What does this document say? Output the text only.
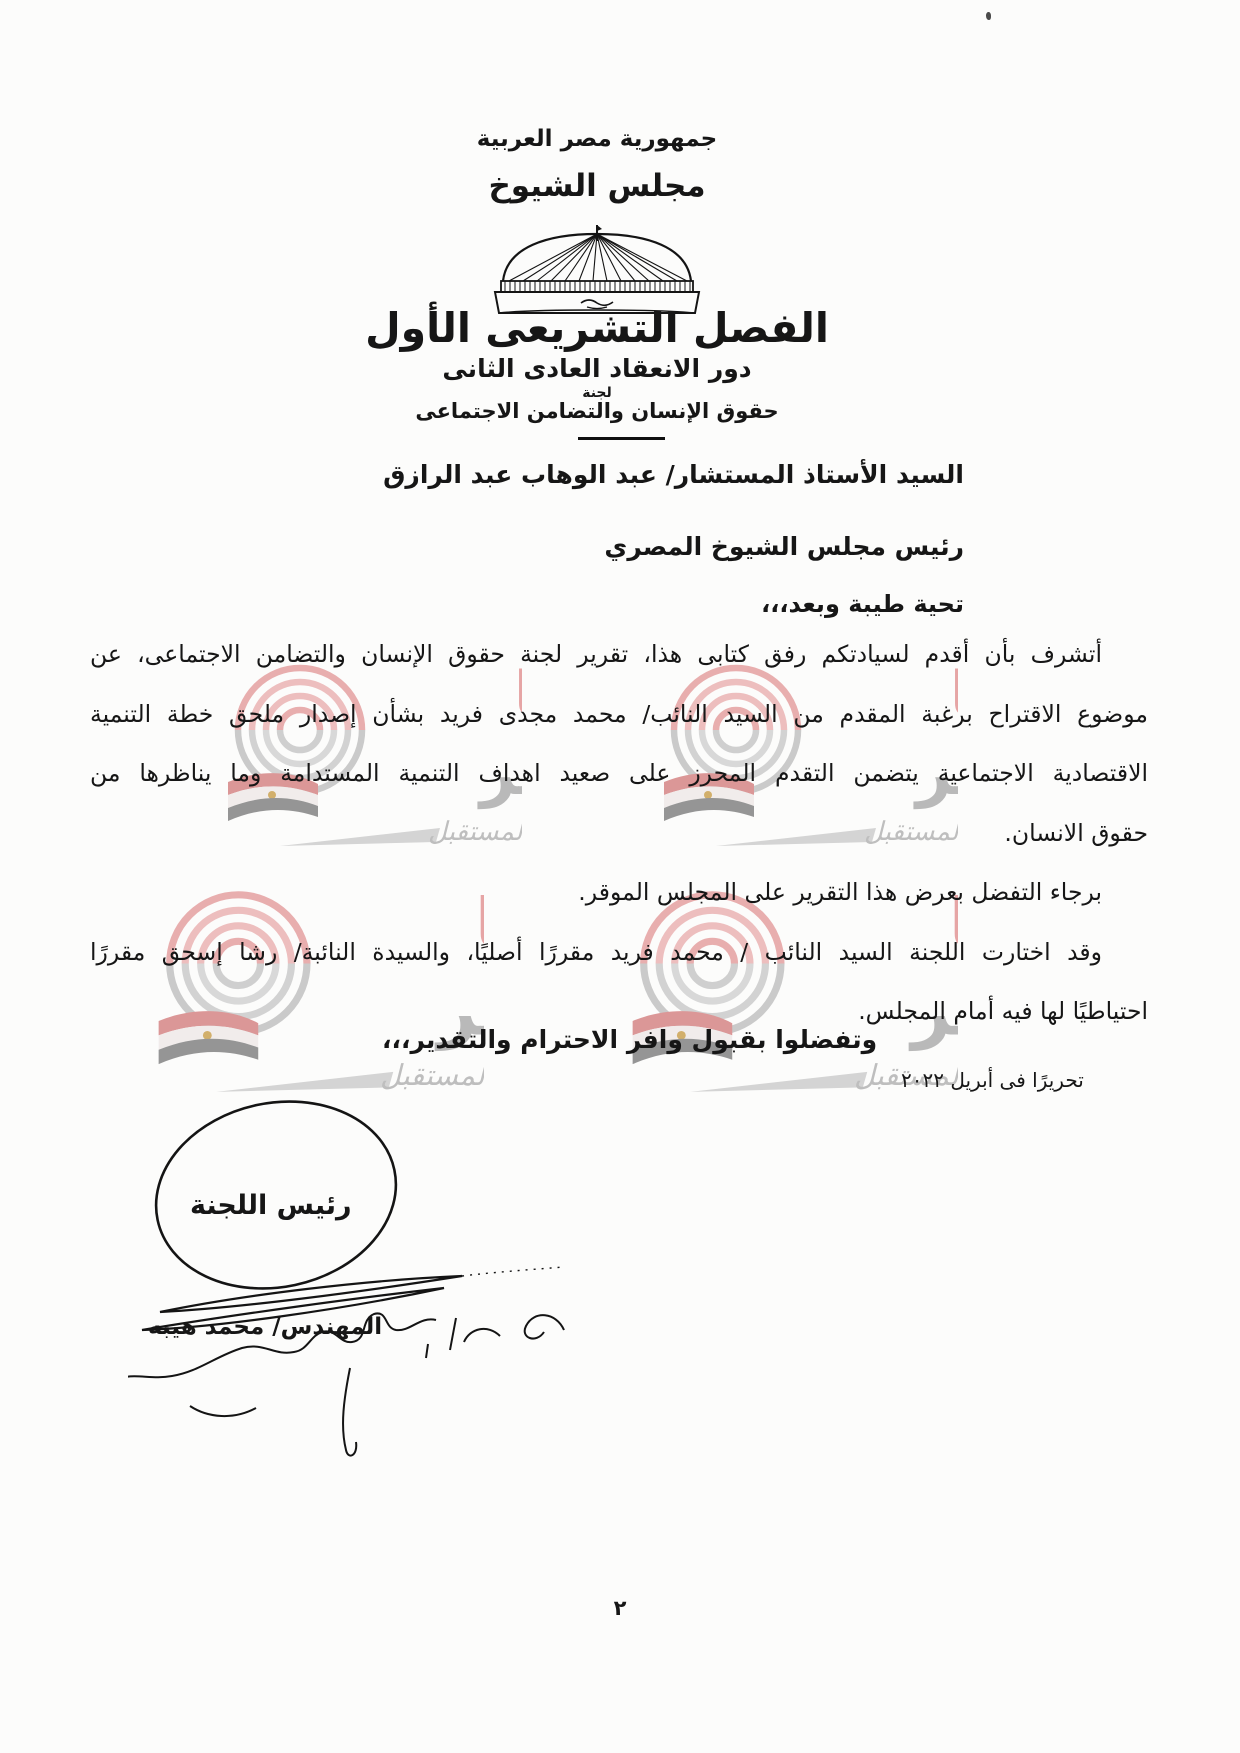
جمهورية مصر العربية
مجلس الشيوخ
الفصل التشريعى الأول
دور الانعقاد العادى الثانى
لجنة
حقوق الإنسان والتضامن الاجتماعى
السيد الأستاذ المستشار/ عبد الوهاب عبد الرازق
رئيس مجلس الشيوخ المصري
تحية طيبة وبعد،،،
أتشرف بأن أقدم لسيادتكم رفق كتابى هذا، تقرير لجنة حقوق الإنسان والتضامن الاجتماعى، عن
موضوع الاقتراح برغبة المقدم من السيد النائب/ محمد مجدى فريد بشأن إصدار ملحق خطة التنمية
الاقتصادية الاجتماعية يتضمن التقدم المحرز على صعيد اهداف التنمية المستدامة وما يناظرها من
حقوق الانسان.
برجاء التفضل بعرض هذا التقرير على المجلس الموقر.
وقد اختارت اللجنة السيد النائب / محمد فريد مقررًا أصليًا، والسيدة النائبة/ رشا إسحق مقررًا
احتياطيًا لها فيه أمام المجلس.
وتفضلوا بقبول وافر الاحترام والتقدير،،،
تحريرًا فى أبريل ٢٠٢٢
رئيس اللجنة
المهندس/ محمد هيبه
٢
